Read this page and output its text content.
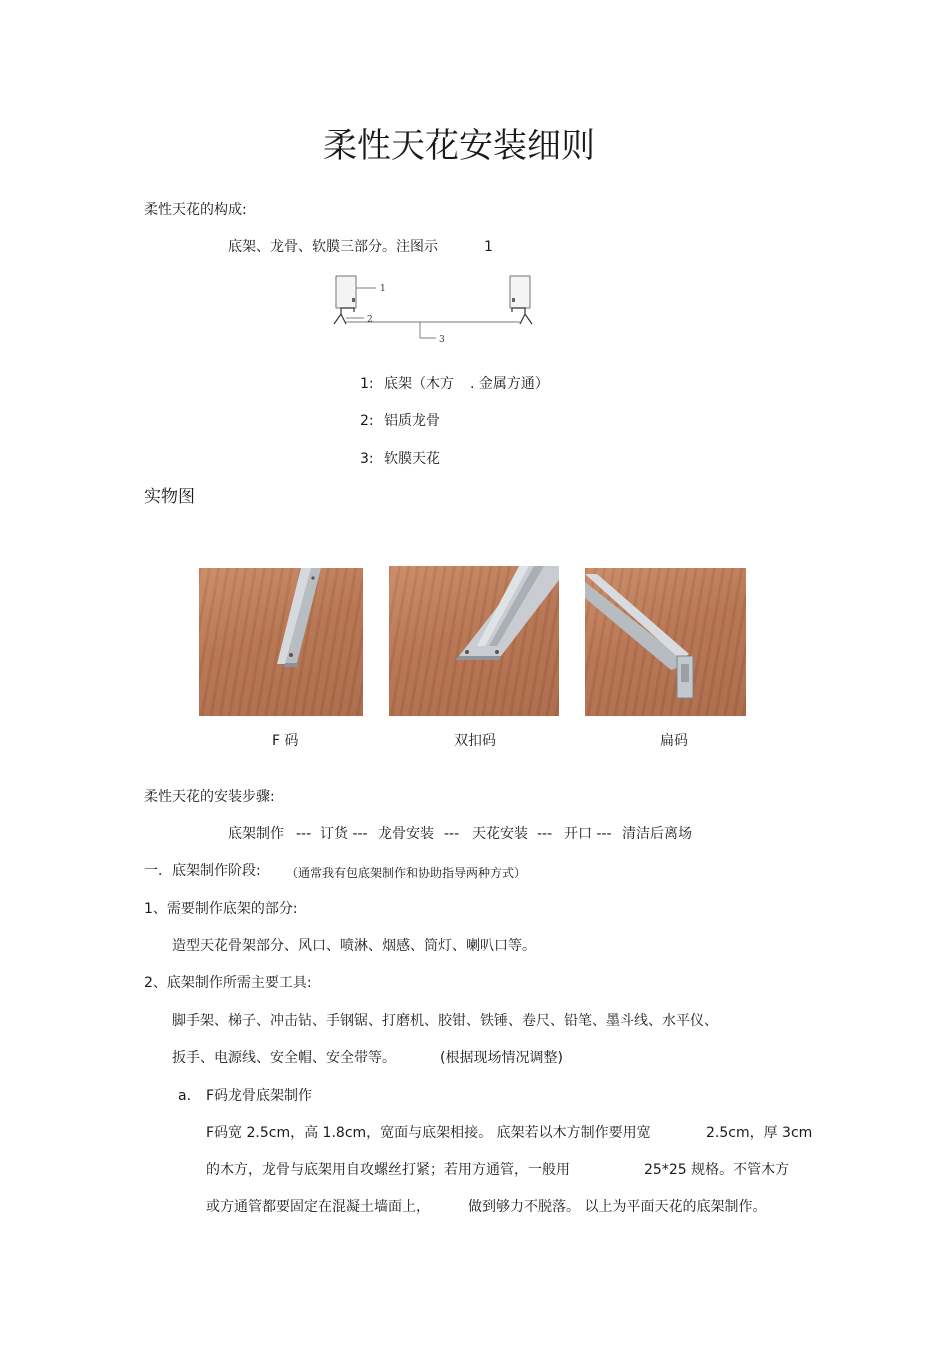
柔性天花安装细则
柔性天花的构成:
底架、龙骨、软膜三部分。注图示	1
1
2
3
1: 底架（木方 . 金属方通）
2: 铝质龙骨
3: 软膜天花
实物图
F 码	双扣码	扁码
柔性天花的安装步骤:
底架制作 --- 订货 --- 龙骨安装 --- 天花安装 --- 开口 --- 清洁后离场
一．底架制作阶段: （通常我有包底架制作和协助指导两种方式）
1、需要制作底架的部分:
造型天花骨架部分、风口、喷淋、烟感、筒灯、喇叭口等。
2、底架制作所需主要工具:
脚手架、梯子、冲击钻、手钢锯、打磨机、胶钳、铁锤、卷尺、铅笔、墨斗线、水平仪、
扳手、电源线、安全帽、安全带等。	(根据现场情况调整)
a. F码龙骨底架制作
F码宽 2.5cm，高 1.8cm，宽面与底架相接。 底架若以木方制作要用宽	2.5cm，厚 3cm
的木方，龙骨与底架用自攻螺丝打紧；若用方通管，一般用	25*25 规格。不管木方
或方通管都要固定在混凝土墙面上，	做到够力不脱落。 以上为平面天花的底架制作。
